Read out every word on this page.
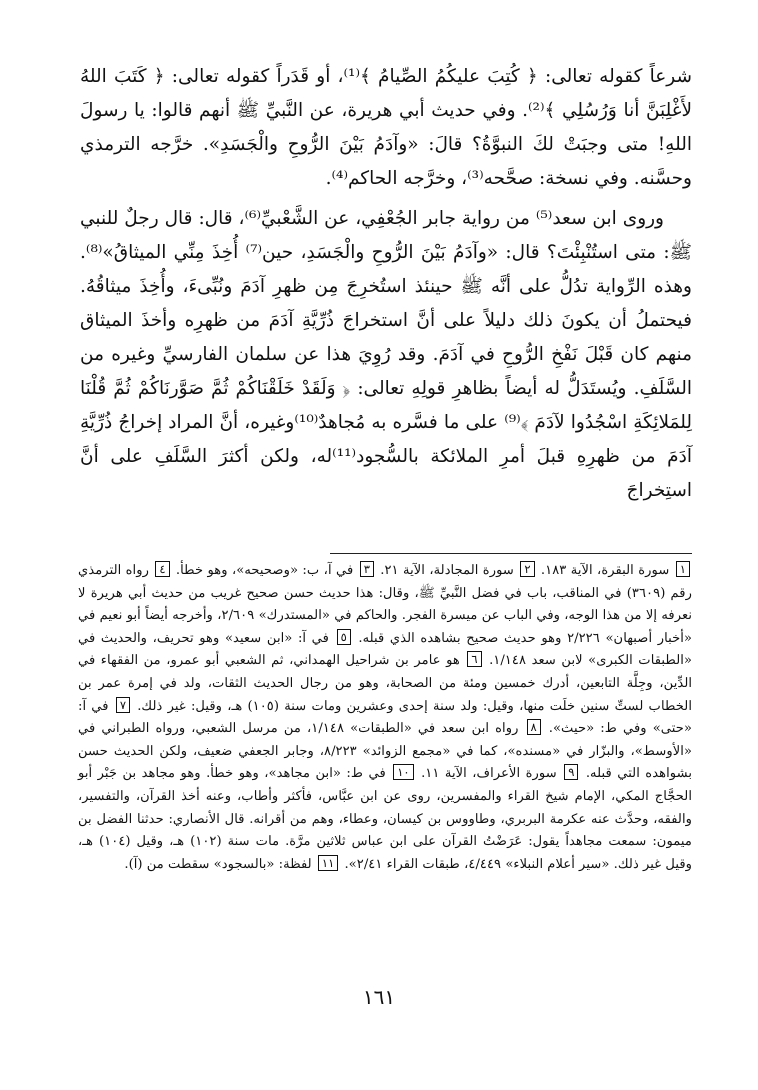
شرعاً كقوله تعالى: ﴿ كُتِبَ عليكُمُ الصِّيامُ ﴾⁽¹⁾، أو قَدَراً كقوله تعالى: ﴿ كَتَبَ اللهُ لأَغْلِبَنَّ أنا وَرُسُلِي ﴾⁽²⁾. وفي حديث أبي هريرة، عن النَّبيِّ ﷺ أنهم قالوا: يا رسولَ اللهِ! متى وجبَتْ لكَ النبوَّةُ؟ قالَ: «وآدَمُ بَيْنَ الرُّوحِ والْجَسَدِ». خرَّجه الترمذي وحسَّنه. وفي نسخة: صحَّحه⁽³⁾، وخرَّجه الحاكم⁽⁴⁾.

وروى ابن سعد⁽⁵⁾ من رواية جابر الجُعْفِي، عن الشَّعْبيِّ⁽⁶⁾، قال: قال رجلٌ للنبي ﷺ: متى استُنْبِئْتَ؟ قال: «وآدَمُ بَيْنَ الرُّوحِ والْجَسَدِ، حين⁽⁷⁾ أُخِذَ مِنِّي الميثاقُ»⁽⁸⁾. وهذه الرِّواية تدُلُّ على أنَّه ﷺ حينئذ استُخرِجَ مِن ظهرِ آدَمَ ونُبِّىءَ، وأُخِذَ ميثاقُهُ. فيحتملُ أن يكونَ ذلك دليلاً على أنَّ استخراجَ ذُرِّيَّةِ آدَمَ من ظهرِه وأخذَ الميثاق منهم كان قَبْلَ نَفْخِ الرُّوحِ في آدَمَ. وقد رُوِيَ هذا عن سلمان الفارسيِّ وغيره من السَّلَفِ. ويُستَدَلُّ له أيضاً بظاهرِ قولِهِ تعالى: ﴿ وَلَقَدْ خَلَقْنَاكُمْ ثُمَّ صَوَّرنَاكُمْ ثُمَّ قُلْنَا لِلمَلائِكَةِ اسْجُدُوا لآدَمَ ﴾⁽⁹⁾ على ما فسَّره به مُجاهدٌ⁽¹⁰⁾وغيره، أنَّ المراد إخراجُ ذُرِّيَّةِ آدَمَ من ظهرِهِ قبلَ أمرِ الملائكة بالسُّجود⁽¹¹⁾له، ولكن أكثرَ السَّلَفِ على أنَّ استِخراجَ

١ سورة البقرة، الآية ١٨٣. ٢ سورة المجادلة، الآية ٢١. ٣ في آ، ب: «وصحيحه»، وهو خطأ. ٤ رواه الترمذي رقم (٣٦٠٩) في المناقب، باب في فضل النَّبيِّ ﷺ، وقال: هذا حديث حسن صحيح غريب من حديث أبي هريرة لا نعرفه إلا من هذا الوجه، وفي الباب عن ميسرة الفجر. والحاكم في «المستدرك» ٢/٦٠٩، وأخرجه أيضاً أبو نعيم في «أخبار أصبهان» ٢/٢٢٦ وهو حديث صحيح بشاهده الذي قبله. ٥ في آ: «ابن سعيد» وهو تحريف، والحديث في «الطبقات الكبرى» لابن سعد ١/١٤٨. ٦ هو عامر بن شراحيل الهمداني، ثم الشعبي أبو عمرو، من الفقهاء في الدِّين، وجِلَّة التابعين، أدرك خمسين ومئة من الصحابة، وهو من رجال الحديث الثقات، ولد في إمرة عمر بن الخطاب لستِّ سنين خلَت منها، وقيل: ولد سنة إحدى وعشرين ومات سنة (١٠٥) هـ، وقيل: غير ذلك. ٧ في آ: «حتى» وفي ط: «حيث». ٨ رواه ابن سعد في «الطبقات» ١/١٤٨، من مرسل الشعبي، ورواه الطبراني في «الأوسط»، والبزّار في «مسنده»، كما في «مجمع الزوائد» ٨/٢٢٣، وجابر الجعفي ضعيف، ولكن الحديث حسن بشواهده التي قبله. ٩ سورة الأعراف، الآية ١١. ١٠ في ط: «ابن مجاهد»، وهو خطأ. وهو مجاهد بن جَبْر أبو الحجَّاج المكي، الإمام شيخ القراء والمفسرين، روى عن ابن عبَّاس، فأكثر وأطاب، وعنه أخذ القرآن، والتفسير، والفقه، وحدَّث عنه عكرمة البربري، وطاووس بن كيسان، وعطاء، وهم من أقرانه. قال الأنصاري: حدثنا الفضل بن ميمون: سمعت مجاهداً يقول: عَرَضْتُ القرآن على ابن عباس ثلاثين مرَّة. مات سنة (١٠٢) هـ، وقيل (١٠٤) هـ، وقيل غير ذلك. «سير أعلام النبلاء» ٤/٤٤٩، طبقات القراء ٢/٤١». ١١ لفظة: «بالسجود» سقطت من (آ).

١٦١
